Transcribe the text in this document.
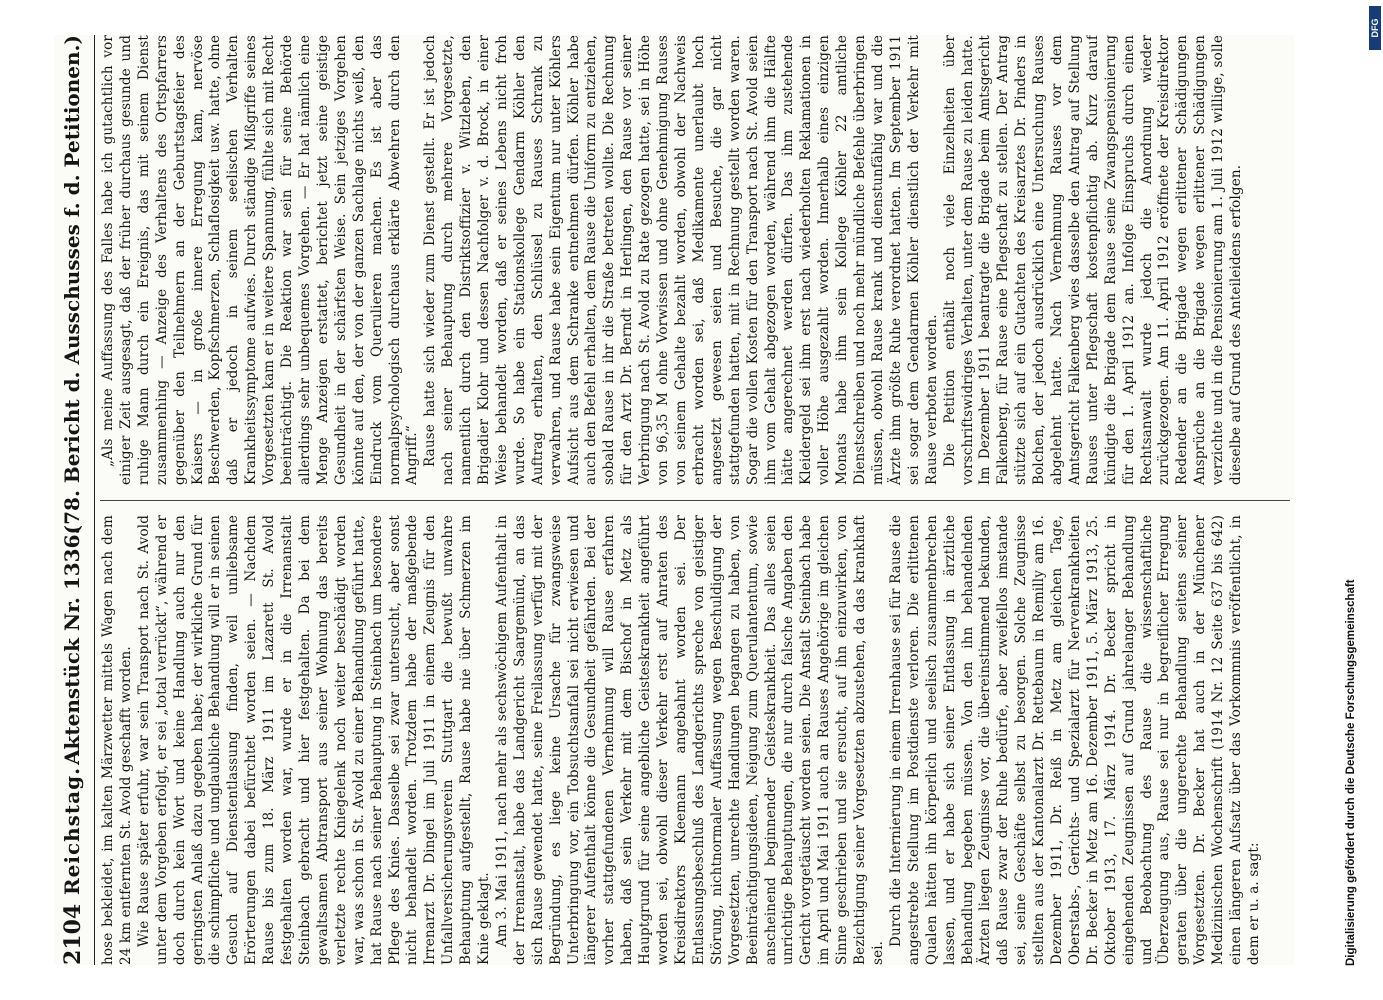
2104
Reichstag.
Aktenstück Nr. 1336.
(78. Bericht d. Ausschusses f. d. Petitionen.)

hose bekleidet, im kalten Märzwetter mittels Wagen nach dem 24 km entfernten St. Avold geschafft worden. Wie Rause später erfuhr, war sein Transport nach St. Avold unter dem Vorgeben erfolgt, er sei „total verrückt“, während er doch durch kein Wort und keine Handlung auch nur den geringsten Anlaß dazu gegeben habe; der wirkliche Grund für die schimpfliche und unglaubliche Behandlung will er in seinen Gesuch auf Dienstentlassung finden, weil unliebsame Erörterungen dabei befürchtet worden seien. — Nachdem Rause bis zum 18. März 1911 im Lazarett St. Avold festgehalten worden war, wurde er in die Irrenanstalt Steinbach gebracht und hier festgehalten. Da bei dem gewaltsamen Abtransport aus seiner Wohnung das bereits verletzte rechte Kniegelenk noch weiter beschädigt worden war, was schon in St. Avold zu einer Behandlung geführt hatte, hat Rause nach seiner Behauptung in Steinbach um besondere Pflege des Knies. Dasselbe sei zwar untersucht, aber sonst nicht behandelt worden. Trotzdem habe der maßgebende Irrenarzt Dr. Dingel im Juli 1911 in einem Zeugnis für den Unfallversicherungsverein Stuttgart die bewußt unwahre Behauptung aufgestellt, Rause habe nie über Schmerzen im Knie geklagt. Am 3. Mai 1911, nach mehr als sechswöchigem Aufenthalt in der Irrenanstalt, habe das Landgericht Saargemünd, an das sich Rause gewendet hatte, seine Freilassung verfügt mit der Begründung, es liege keine Ursache für zwangsweise Unterbringung vor, ein Tobsuchtsanfall sei nicht erwiesen und längerer Aufenthalt könne die Gesundheit gefährden. Bei der vorher stattgefundenen Vernehmung will Rause erfahren haben, daß sein Verkehr mit dem Bischof in Metz als Hauptgrund für seine angebliche Geisteskrankheit angeführt worden sei, obwohl dieser Verkehr erst auf Anraten des Kreisdirektors Kleemann angebahnt worden sei. Der Entlassungsbeschluß des Landgerichts spreche von geistiger Störung, nichtnormaler Auffassung wegen Beschuldigung der Vorgesetzten, unrechte Handlungen begangen zu haben, von Beeinträchtigungsideen, Neigung zum Querulantentum, sowie anscheinend beginnender Geisteskrankheit. Das alles seien unrichtige Behauptungen, die nur durch falsche Angaben den Gericht vorgetäuscht worden seien. Die Anstalt Steinbach habe im April und Mai 1911 auch an Rauses Angehörige im gleichen Sinne geschrieben und sie ersucht, auf ihn einzuwirken, von Bezichtigung seiner Vorgesetzten abzustehen, da das krankhaft sei.

Durch die Internierung in einem Irrenhause sei für Rause die angestrebte Stellung im Postdienste verloren. Die erlittenen Qualen hätten ihn körperlich und seelisch zusammenbrechen lassen, und er habe sich seiner Entlassung in ärztliche Behandlung begeben müssen. Von den ihn behandelnden Ärzten liegen Zeugnisse vor, die übereinstimmend bekunden, daß Rause zwar der Ruhe bedürfe, aber zweifellos imstande sei, seine Geschäfte selbst zu besorgen. Solche Zeugnisse stellten aus der Kantonalarzt Dr. Rettebaum in Remilly am 16. Dezember 1911, Dr. Reiß in Metz am gleichen Tage, Oberstabs-, Gerichts- und Spezialarzt für Nervenkrankheiten Dr. Becker in Metz am 16. Dezember 1911, 5. März 1913, 25. Oktober 1913, 17. März 1914. Dr. Becker spricht in eingehenden Zeugnissen auf Grund jahrelanger Behandlung und Beobachtung des Rause die wissenschaftliche Überzeugung aus, Rause sei nur in begreiflicher Erregung geraten über die ungerechte Behandlung seitens seiner Vorgesetzten. Dr. Becker hat auch in der Münchener Medizinischen Wochenschrift (1914 Nr. 12 Seite 637 bis 642) einen längeren Aufsatz über das Vorkommnis veröffentlicht, in dem er u. a. sagt:

„Als meine Auffassung des Falles habe ich gutachtlich vor einiger Zeit ausgesagt, daß der früher durchaus gesunde und ruhige Mann durch ein Ereignis, das mit seinem Dienst zusammenhing — Anzeige des Verhaltens des Ortspfarrers gegenüber den Teilnehmern an der Geburtstagsfeier des Kaisers — in große innere Erregung kam, nervöse Beschwerden, Kopfschmerzen, Schlaflosigkeit usw. hatte, ohne daß er jedoch in seinem seelischen Verhalten Krankheitssymptome aufwies. Durch ständige Mißgriffe seines Vorgesetzten kam er in weitere Spannung, fühlte sich mit Recht beeinträchtigt. Die Reaktion war sein für seine Behörde allerdings sehr unbequemes Vorgehen. — Er hat nämlich eine Menge Anzeigen erstattet, berichtet jetzt seine geistige Gesundheit in der schärfsten Weise. Sein jetziges Vorgehen könnte auf den, der von der ganzen Sachlage nichts weiß, den Eindruck vom Querulieren machen. Es ist aber das normalpsychologisch durchaus erklärte Abwehren durch den Angriff.“ Rause hatte sich wieder zum Dienst gestellt. Er ist jedoch nach seiner Behauptung durch mehrere Vorgesetzte, namentlich durch den Distriktsoffizier v. Witzleben, den Brigadier Klohr und dessen Nachfolger v. d. Brock, in einer Weise behandelt worden, daß er seines Lebens nicht froh wurde. So habe ein Stationskollege Gendarm Köhler den Auftrag erhalten, den Schlüssel zu Rauses Schrank zu verwahren, und Rause habe sein Eigentum nur unter Köhlers Aufsicht aus dem Schranke entnehmen dürfen. Köhler habe auch den Befehl erhalten, dem Rause die Uniform zu entziehen, sobald Rause in ihr die Straße betreten wollte. Die Rechnung für den Arzt Dr. Berndt in Herlingen, den Rause vor seiner Verbringung nach St. Avold zu Rate gezogen hatte, sei in Höhe von 96,35 M ohne Vorwissen und ohne Genehmigung Rauses von seinem Gehalte bezahlt worden, obwohl der Nachweis erbracht worden sei, daß Medikamente unerlaubt hoch angesetzt gewesen seien und Besuche, die gar nicht stattgefunden hatten, mit in Rechnung gestellt worden waren. Sogar die vollen Kosten für den Transport nach St. Avold seien ihm vom Gehalt abgezogen worden, während ihm die Hälfte hätte angerechnet werden dürfen. Das ihm zustehende Kleidergeld sei ihm erst nach wiederholten Reklamationen in voller Höhe ausgezahlt worden. Innerhalb eines einzigen Monats habe ihm sein Kollege Köhler 22 amtliche Dienstschreiben und noch mehr mündliche Befehle überbringen müssen, obwohl Rause krank und dienstunfähig war und die Ärzte ihm größte Ruhe verordnet hatten. Im September 1911 sei sogar dem Gendarmen Köhler dienstlich der Verkehr mit Rause verboten worden. Die Petition enthält noch viele Einzelheiten über vorschriftswidriges Verhalten, unter dem Rause zu leiden hatte. Im Dezember 1911 beantragte die Brigade beim Amtsgericht Falkenberg, für Rause eine Pflegschaft zu stellen. Der Antrag stützte sich auf ein Gutachten des Kreisarztes Dr. Pinders in Bolchen, der jedoch ausdrücklich eine Untersuchung Rauses abgelehnt hatte. Nach Vernehmung Rauses vor dem Amtsgericht Falkenberg wies dasselbe den Antrag auf Stellung Rauses unter Pflegschaft kostenpflichtig ab. Kurz darauf kündigte die Brigade dem Rause seine Zwangspensionierung für den 1. April 1912 an. Infolge Einspruchs durch einen Rechtsanwalt wurde jedoch die Anordnung wieder zurückgezogen. Am 11. April 1912 eröffnete der Kreisdirektor Redender an die Brigade wegen erlittener Schädigungen Ansprüche an die Brigade wegen erlittener Schädigungen verzichte und in die Pensionierung am 1. Juli 1912 willige, solle dieselbe auf Grund des Anteileidens erfolgen.

Digitalisierung gefördert durch die Deutsche Forschungsgemeinschaft
DFG
